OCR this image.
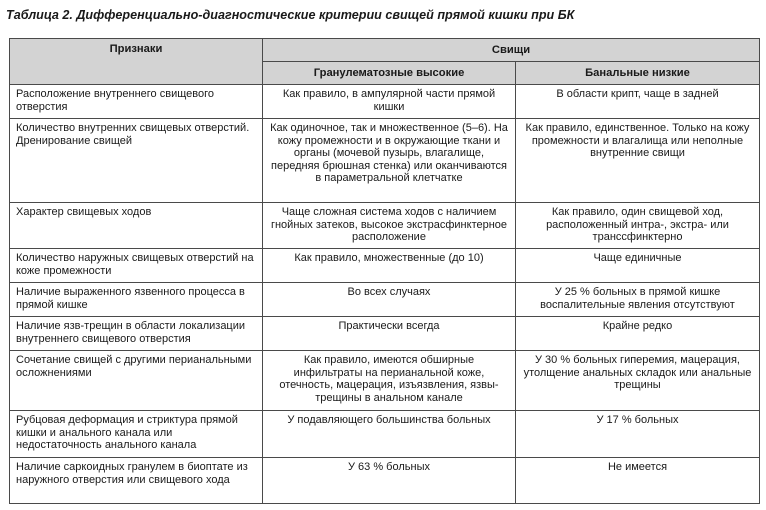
Таблица 2. Дифференциально-диагностические критерии свищей прямой кишки при БК
Признаки	Свищи	
	Гранулематозные высокие	Банальные низкие
Расположение внутреннего свищевого отверстия	Как правило, в ампулярной части прямой кишки	В области крипт, чаще в задней
Количество внутренних свищевых отверстий. Дренирование свищей	Как одиночное, так и множественное (5–6). На кожу промежности и в окружающие ткани и органы (мочевой пузырь, влагалище, передняя брюшная стенка) или оканчиваются в параметральной клетчатке	Как правило, единственное. Только на кожу промежности и влагалища или неполные внутренние свищи
Характер свищевых ходов	Чаще сложная система ходов с наличием гнойных затеков, высокое экстрасфинктерное расположение	Как правило, один свищевой ход, расположенный интра-, экстра- или транссфинктерно
Количество наружных свищевых отверстий на коже промежности	Как правило, множественные (до 10)	Чаще единичные
Наличие выраженного язвенного процесса в прямой кишке	Во всех случаях	У 25 % больных в прямой кишке воспалительные явления отсутствуют
Наличие язв-трещин в области локализации внутреннего свищевого отверстия	Практически всегда	Крайне редко
Сочетание свищей с другими перианальными осложнениями	Как правило, имеются обширные инфильтраты на перианальной коже, отечность, мацерация, изъязвления, язвы-трещины в анальном канале	У 30 % больных гиперемия, мацерация, утолщение анальных складок или анальные трещины
Рубцовая деформация и стриктура прямой кишки и анального канала или недостаточность анального канала	У подавляющего большинства больных	У 17 % больных
Наличие саркоидных гранулем в биоптате из наружного отверстия или свищевого хода	У 63 % больных	Не имеется
